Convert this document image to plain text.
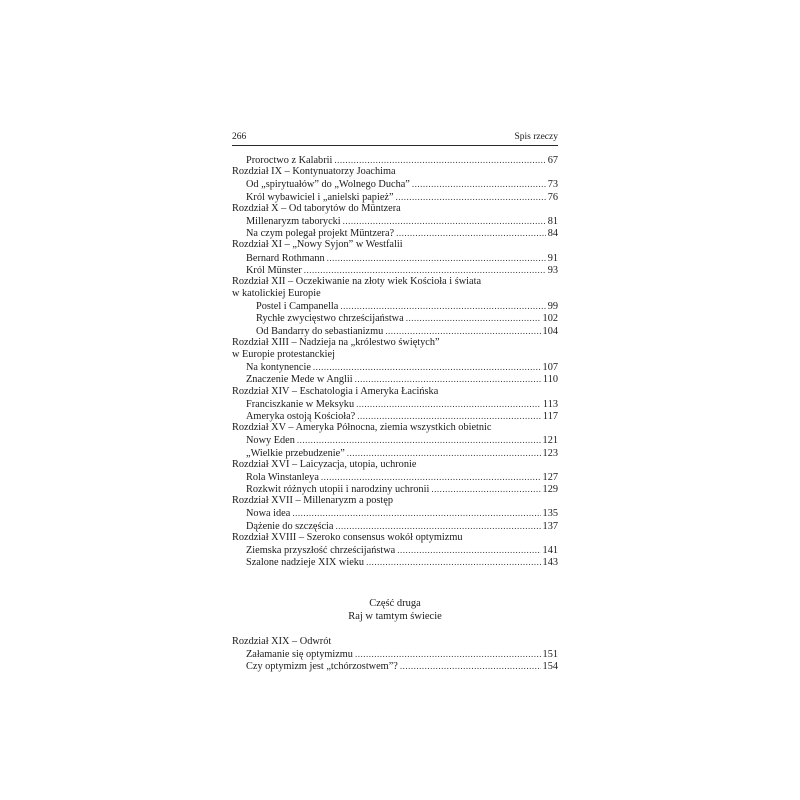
266	Spis rzeczy
Proroctwo z Kalabrii .....	67
Rozdział IX – Kontynuatorzy Joachima
Od „spirytuałów” do „Wolnego Ducha” .....	73
Król wybawiciel i „anielski papież” .....	76
Rozdział X – Od taborytów do Müntzera
Millenaryzm taborycki .....	81
Na czym polegał projekt Müntzera? .....	84
Rozdział XI – „Nowy Syjon” w Westfalii
Bernard Rothmann .....	91
Król Münster .....	93
Rozdział XII – Oczekiwanie na złoty wiek Kościoła i świata
w katolickiej Europie
Postel i Campanella .....	99
Rychłe zwycięstwo chrześcijaństwa .....	102
Od Bandarry do sebastianizmu .....	104
Rozdział XIII – Nadzieja na „królestwo świętych”
w Europie protestanckiej
Na kontynencie .....	107
Znaczenie Mede w Anglii .....	110
Rozdział XIV – Eschatologia i Ameryka Łacińska
Franciszkanie w Meksyku .....	113
Ameryka ostoją Kościoła? .....	117
Rozdział XV – Ameryka Północna, ziemia wszystkich obietnic
Nowy Eden .....	121
„Wielkie przebudzenie” .....	123
Rozdział XVI – Laicyzacja, utopia, uchronie
Rola Winstanleya .....	127
Rozkwit różnych utopii i narodziny uchronii .....	129
Rozdział XVII – Millenaryzm a postęp
Nowa idea .....	135
Dążenie do szczęścia .....	137
Rozdział XVIII – Szeroko consensus wokół optymizmu
Ziemska przyszłość chrześcijaństwa .....	141
Szalone nadzieje XIX wieku .....	143
Część druga
Raj w tamtym świecie
Rozdział XIX – Odwrót
Załamanie się optymizmu .....	151
Czy optymizm jest „tchórzostwem”? .....	154
